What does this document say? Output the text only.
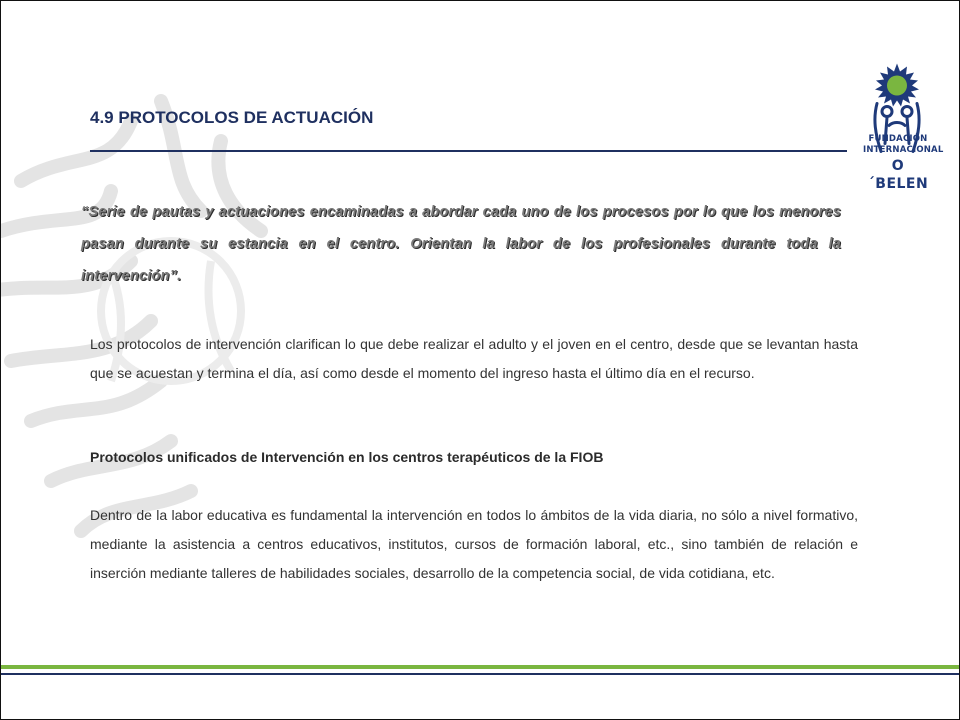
FUNDACIÓN
INTERNACIONAL
O´BELEN
4.9 PROTOCOLOS DE ACTUACIÓN
“Serie de pautas y actuaciones encaminadas a abordar cada uno de los procesos por lo que los menores pasan durante su estancia en el centro. Orientan la labor de los profesionales durante toda la intervención”.
Los protocolos de intervención clarifican lo que debe realizar el adulto y el joven en el centro, desde que se levantan hasta que se acuestan y termina el día, así como desde el momento del ingreso hasta el último día en el recurso.
Protocolos unificados de Intervención en los centros terapéuticos de la FIOB
Dentro de la labor educativa es fundamental la intervención en todos lo ámbitos de la vida diaria, no sólo a nivel formativo, mediante la asistencia a centros educativos, institutos, cursos de formación laboral, etc., sino también de relación e inserción mediante talleres de habilidades sociales, desarrollo de la competencia social, de vida cotidiana, etc.
